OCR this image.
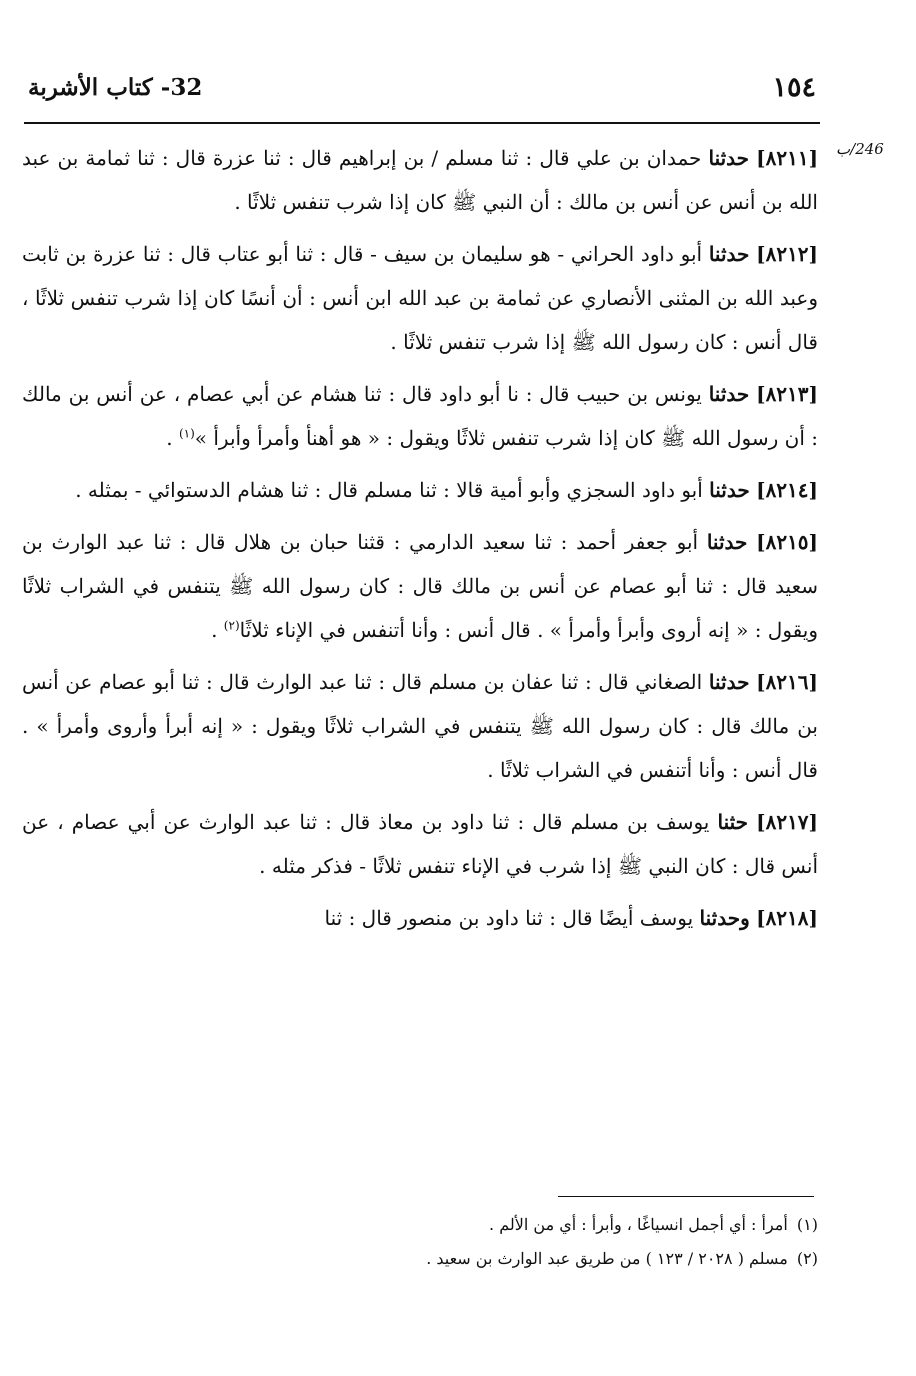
١٥٤
32- كتاب الأشربة
246/ب

[٨٢١١] حدثنا حمدان بن علي قال : ثنا مسلم / بن إبراهيم قال : ثنا عزرة قال : ثنا ثمامة بن عبد الله بن أنس عن أنس بن مالك : أن النبي ﷺ كان إذا شرب تنفس ثلاثًا .

[٨٢١٢] حدثنا أبو داود الحراني - هو سليمان بن سيف - قال : ثنا أبو عتاب قال : ثنا عزرة بن ثابت وعبد الله بن المثنى الأنصاري عن ثمامة بن عبد الله ابن أنس : أن أنسًا كان إذا شرب تنفس ثلاثًا ، قال أنس : كان رسول الله ﷺ إذا شرب تنفس ثلاثًا .

[٨٢١٣] حدثنا يونس بن حبيب قال : نا أبو داود قال : ثنا هشام عن أبي عصام ، عن أنس بن مالك : أن رسول الله ﷺ كان إذا شرب تنفس ثلاثًا ويقول : « هو أهنأ وأمرأ وأبرأ »$^{(١)}$ .

[٨٢١٤] حدثنا أبو داود السجزي وأبو أمية قالا : ثنا مسلم قال : ثنا هشام الدستوائي - بمثله .

[٨٢١٥] حدثنا أبو جعفر أحمد : ثنا سعيد الدارمي : قثنا حبان بن هلال قال : ثنا عبد الوارث بن سعيد قال : ثنا أبو عصام عن أنس بن مالك قال : كان رسول الله ﷺ يتنفس في الشراب ثلاثًا ويقول : « إنه أروى وأبرأ وأمرأ » . قال أنس : وأنا أتنفس في الإناء ثلاثًا$^{(٢)}$ .

[٨٢١٦] حدثنا الصغاني قال : ثنا عفان بن مسلم قال : ثنا عبد الوارث قال : ثنا أبو عصام عن أنس بن مالك قال : كان رسول الله ﷺ يتنفس في الشراب ثلاثًا ويقول : « إنه أبرأ وأروى وأمرأ » . قال أنس : وأنا أتنفس في الشراب ثلاثًا .

[٨٢١٧] حثنا يوسف بن مسلم قال : ثنا داود بن معاذ قال : ثنا عبد الوارث عن أبي عصام ، عن أنس قال : كان النبي ﷺ إذا شرب في الإناء تنفس ثلاثًا - فذكر مثله .

[٨٢١٨] وحدثنا يوسف أيضًا قال : ثنا داود بن منصور قال : ثنا

(١) أمرأ : أي أجمل انسياغًا ، وأبرأ : أي من الألم .

(٢) مسلم ( ٢٠٢٨ / ١٢٣ ) من طريق عبد الوارث بن سعيد .
